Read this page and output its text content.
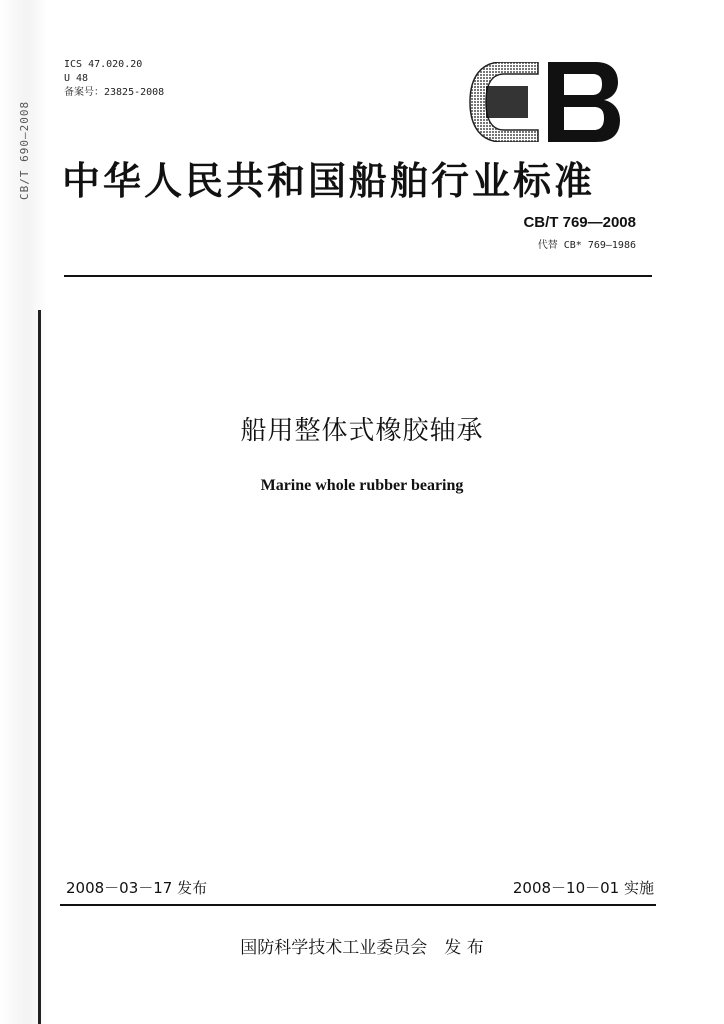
CB/T 690—2008
ICS 47.020.20
U 48
备案号：23825-2008
中华人民共和国船舶行业标准
CB/T 769—2008
代替 CB* 769—1986
船用整体式橡胶轴承
Marine whole rubber bearing
2008－03－17 发布	2008－10－01 实施
国防科学技术工业委员会　发 布
